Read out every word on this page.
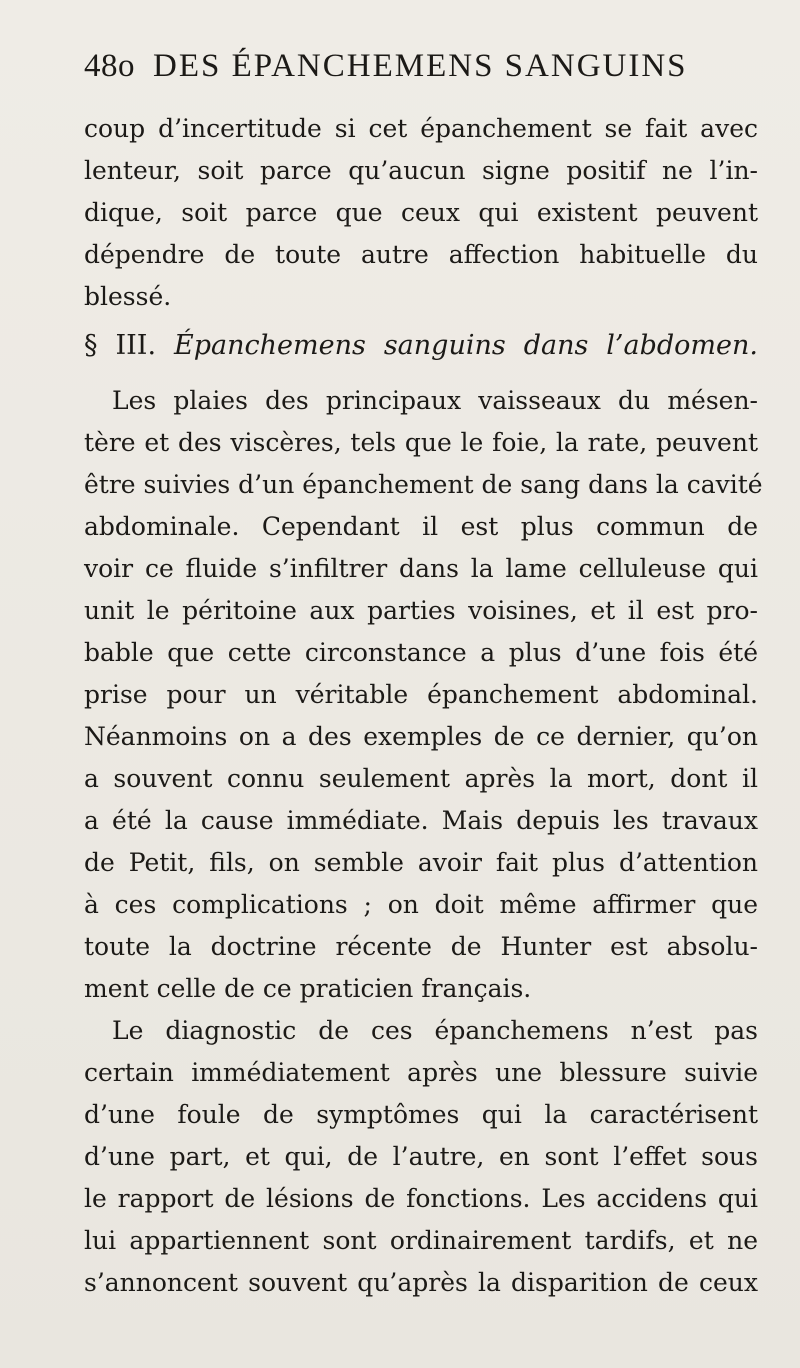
48o DES ÉPANCHEMENS SANGUINS
coup d’incertitude si cet épanchement se fait avec
lenteur, soit parce qu’aucun signe positif ne l’in-
dique, soit parce que ceux qui existent peuvent
dépendre de toute autre affection habituelle du
blessé.
§ III. Épanchemens sanguins dans l’abdomen.
Les plaies des principaux vaisseaux du mésen-
tère et des viscères, tels que le foie, la rate, peuvent
être suivies d’un épanchement de sang dans la cavité
abdominale. Cependant il est plus commun de
voir ce fluide s’infiltrer dans la lame celluleuse qui
unit le péritoine aux parties voisines, et il est pro-
bable que cette circonstance a plus d’une fois été
prise pour un véritable épanchement abdominal.
Néanmoins on a des exemples de ce dernier, qu’on
a souvent connu seulement après la mort, dont il
a été la cause immédiate. Mais depuis les travaux
de Petit, fils, on semble avoir fait plus d’attention
à ces complications ; on doit même affirmer que
toute la doctrine récente de Hunter est absolu-
ment celle de ce praticien français.
Le diagnostic de ces épanchemens n’est pas
certain immédiatement après une blessure suivie
d’une foule de symptômes qui la caractérisent
d’une part, et qui, de l’autre, en sont l’effet sous
le rapport de lésions de fonctions. Les accidens qui
lui appartiennent sont ordinairement tardifs, et ne
s’annoncent souvent qu’après la disparition de ceux
